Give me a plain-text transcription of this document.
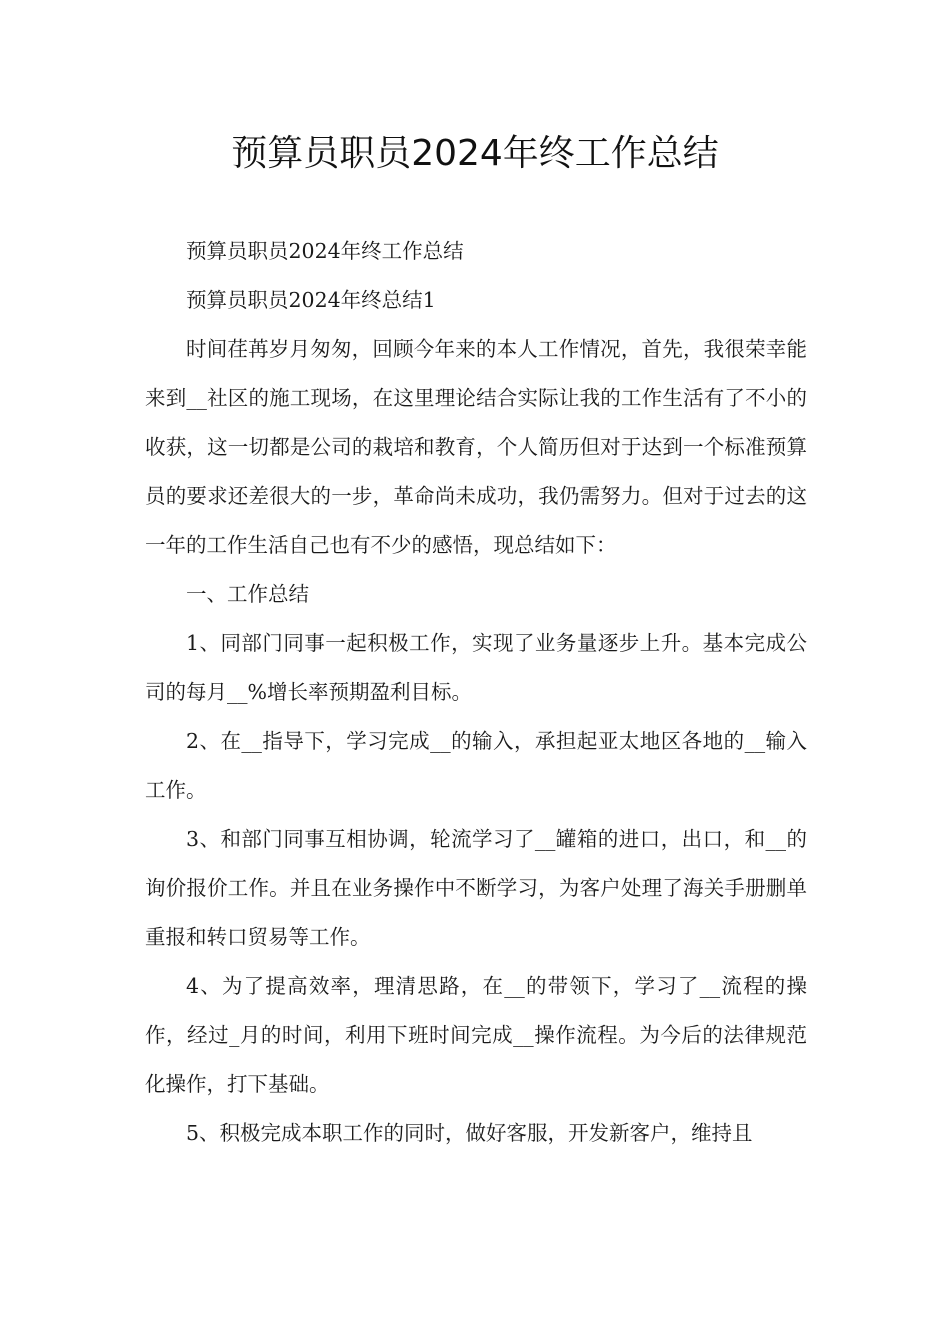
预算员职员2024年终工作总结

预算员职员2024年终工作总结

预算员职员2024年终总结1

时间荏苒岁月匆匆，回顾今年来的本人工作情况，首先，我很荣幸能来到__社区的施工现场，在这里理论结合实际让我的工作生活有了不小的收获，这一切都是公司的栽培和教育，个人简历但对于达到一个标准预算员的要求还差很大的一步，革命尚未成功，我仍需努力。但对于过去的这一年的工作生活自己也有不少的感悟，现总结如下：

一、工作总结

1、同部门同事一起积极工作，实现了业务量逐步上升。基本完成公司的每月__%增长率预期盈利目标。

2、在__指导下，学习完成__的输入，承担起亚太地区各地的__输入工作。

3、和部门同事互相协调，轮流学习了__罐箱的进口，出口，和__的询价报价工作。并且在业务操作中不断学习，为客户处理了海关手册删单重报和转口贸易等工作。

4、为了提高效率，理清思路，在__的带领下，学习了__流程的操作，经过_月的时间，利用下班时间完成__操作流程。为今后的法律规范化操作，打下基础。

5、积极完成本职工作的同时，做好客服，开发新客户，维持且
